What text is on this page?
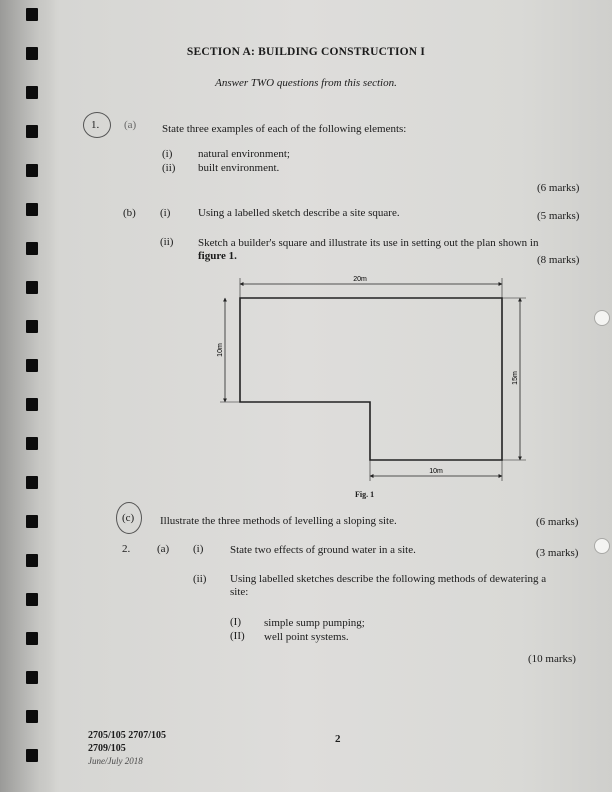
SECTION A: BUILDING CONSTRUCTION I
Answer TWO questions from this section.
1. (a) State three examples of each of the following elements:
(i) natural environment;
(ii) built environment.
(6 marks)
(b) (i)	Using a labelled sketch describe a site square.	(5 marks)
(ii) Sketch a builder's square and illustrate its use in setting out the plan shown in
figure 1.	(8 marks)
20m
10m
15m
10m
Fig. 1
(c) Illustrate the three methods of levelling a sloping site.	(6 marks)
2. (a) (i) State two effects of ground water in a site.	(3 marks)
(ii) Using labelled sketches describe the following methods of dewatering a
site:
(I) simple sump pumping;
(II) well point systems.
(10 marks)
2705/105 2707/105
2709/105
June/July 2018
2
